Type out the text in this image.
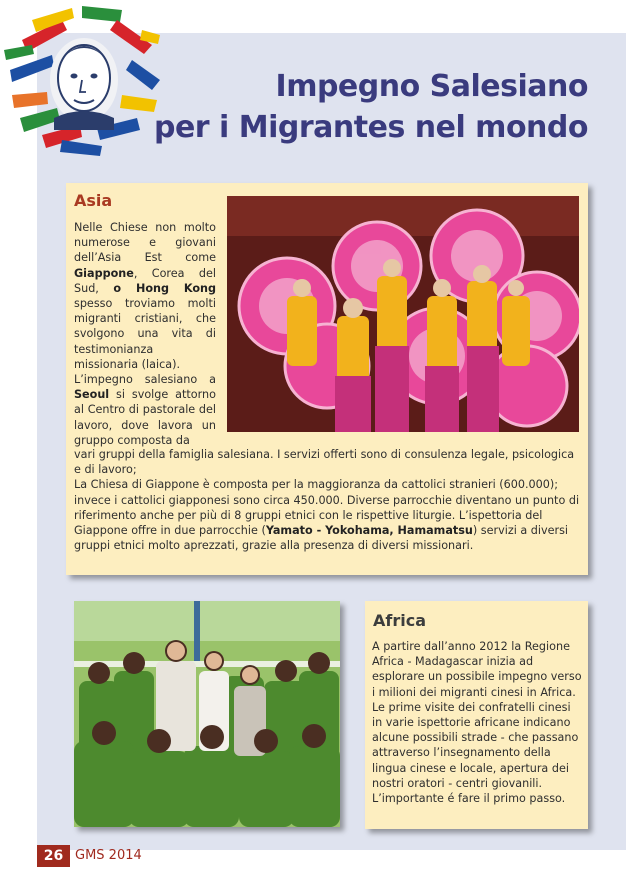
Impegno Salesiano
per i Migrantes nel mondo
Asia

Nelle Chiese non molto numerose e giovani dell’Asia Est come Giappone, Corea del Sud, o Hong Kong spesso troviamo molti migranti cristiani, che svolgono una vita di testimonianza missionaria (laica).

L’impegno salesiano a Seoul si svolge attorno al Centro di pastorale del lavoro, dove lavora un gruppo composta da

vari gruppi della famiglia salesiana. I servizi offerti sono di consulenza legale, psicologica e di lavoro;

La Chiesa di Giappone è composta per la maggioranza da cattolici stranieri (600.000); invece i cattolici giapponesi sono circa 450.000. Diverse parrocchie diventano un punto di riferimento anche per più di 8 gruppi etnici con le rispettive liturgie. L’ispettoria del Giappone offre in due parrocchie (Yamato - Yokohama, Hamamatsu) servizi a diversi gruppi etnici molto aprezzati, grazie alla presenza di diversi missionari.

Africa

A partire dall’anno 2012 la Regione Africa - Madagascar inizia ad esplorare un possibile impegno verso i milioni dei migranti cinesi in Africa. Le prime visite dei confratelli cinesi in varie ispettorie africane indicano alcune possibili strade - che passano attraverso l’insegnamento della lingua cinese e locale, apertura dei nostri oratori - centri giovanili.

L’importante é fare il primo passo.

26 GMS 2014
